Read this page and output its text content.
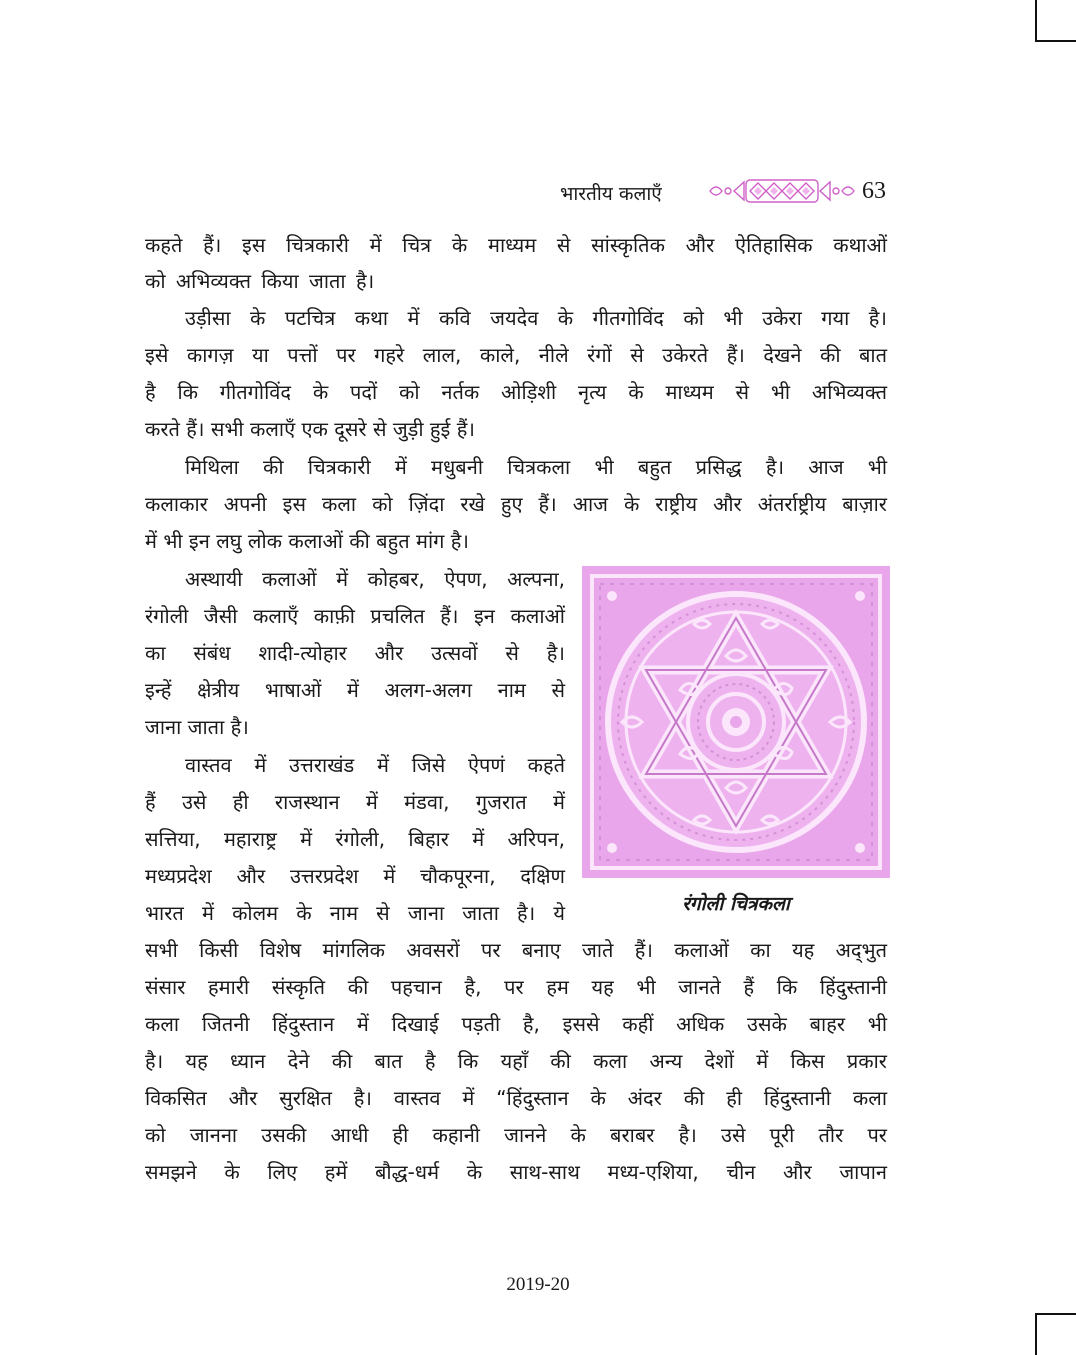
भारतीय कलाएँ	63
कहते हैं। इस चित्रकारी में चित्र के माध्यम से सांस्कृतिक और ऐतिहासिक कथाओं
को अभिव्यक्त किया जाता है।
उड़ीसा के पटचित्र कथा में कवि जयदेव के गीतगोविंद को भी उकेरा गया है।
इसे कागज़ या पत्तों पर गहरे लाल, काले, नीले रंगों से उकेरते हैं। देखने की बात
है कि गीतगोविंद के पदों को नर्तक ओड़िशी नृत्य के माध्यम से भी अभिव्यक्त
करते हैं। सभी कलाएँ एक दूसरे से जुड़ी हुई हैं।
मिथिला की चित्रकारी में मधुबनी चित्रकला भी बहुत प्रसिद्ध है। आज भी
कलाकार अपनी इस कला को ज़िंदा रखे हुए हैं। आज के राष्ट्रीय और अंतर्राष्ट्रीय बाज़ार
में भी इन लघु लोक कलाओं की बहुत मांग है।
अस्थायी कलाओं में कोहबर, ऐपण, अल्पना,
रंगोली जैसी कलाएँ काफ़ी प्रचलित हैं। इन कलाओं
का संबंध शादी-त्योहार और उत्सवों से है।
इन्हें क्षेत्रीय भाषाओं में अलग-अलग नाम से
जाना जाता है।
वास्तव में उत्तराखंड में जिसे ऐपणं कहते
हैं उसे ही राजस्थान में मंडवा, गुजरात में
सत्तिया, महाराष्ट्र में रंगोली, बिहार में अरिपन,
मध्यप्रदेश और उत्तरप्रदेश में चौकपूरना, दक्षिण
भारत में कोलम के नाम से जाना जाता है। ये
सभी किसी विशेष मांगलिक अवसरों पर बनाए जाते हैं। कलाओं का यह अद्‍भुत
संसार हमारी संस्कृति की पहचान है, पर हम यह भी जानते हैं कि हिंदुस्तानी
कला जितनी हिंदुस्तान में दिखाई पड़ती है, इससे कहीं अधिक उसके बाहर भी
है। यह ध्यान देने की बात है कि यहाँ की कला अन्य देशों में किस प्रकार
विकसित और सुरक्षित है। वास्तव में “हिंदुस्तान के अंदर की ही हिंदुस्तानी कला
को जानना उसकी आधी ही कहानी जानने के बराबर है। उसे पूरी तौर पर
समझने के लिए हमें बौद्ध-धर्म के साथ-साथ मध्य-एशिया, चीन और जापान
रंगोली चित्रकला
2019-20
